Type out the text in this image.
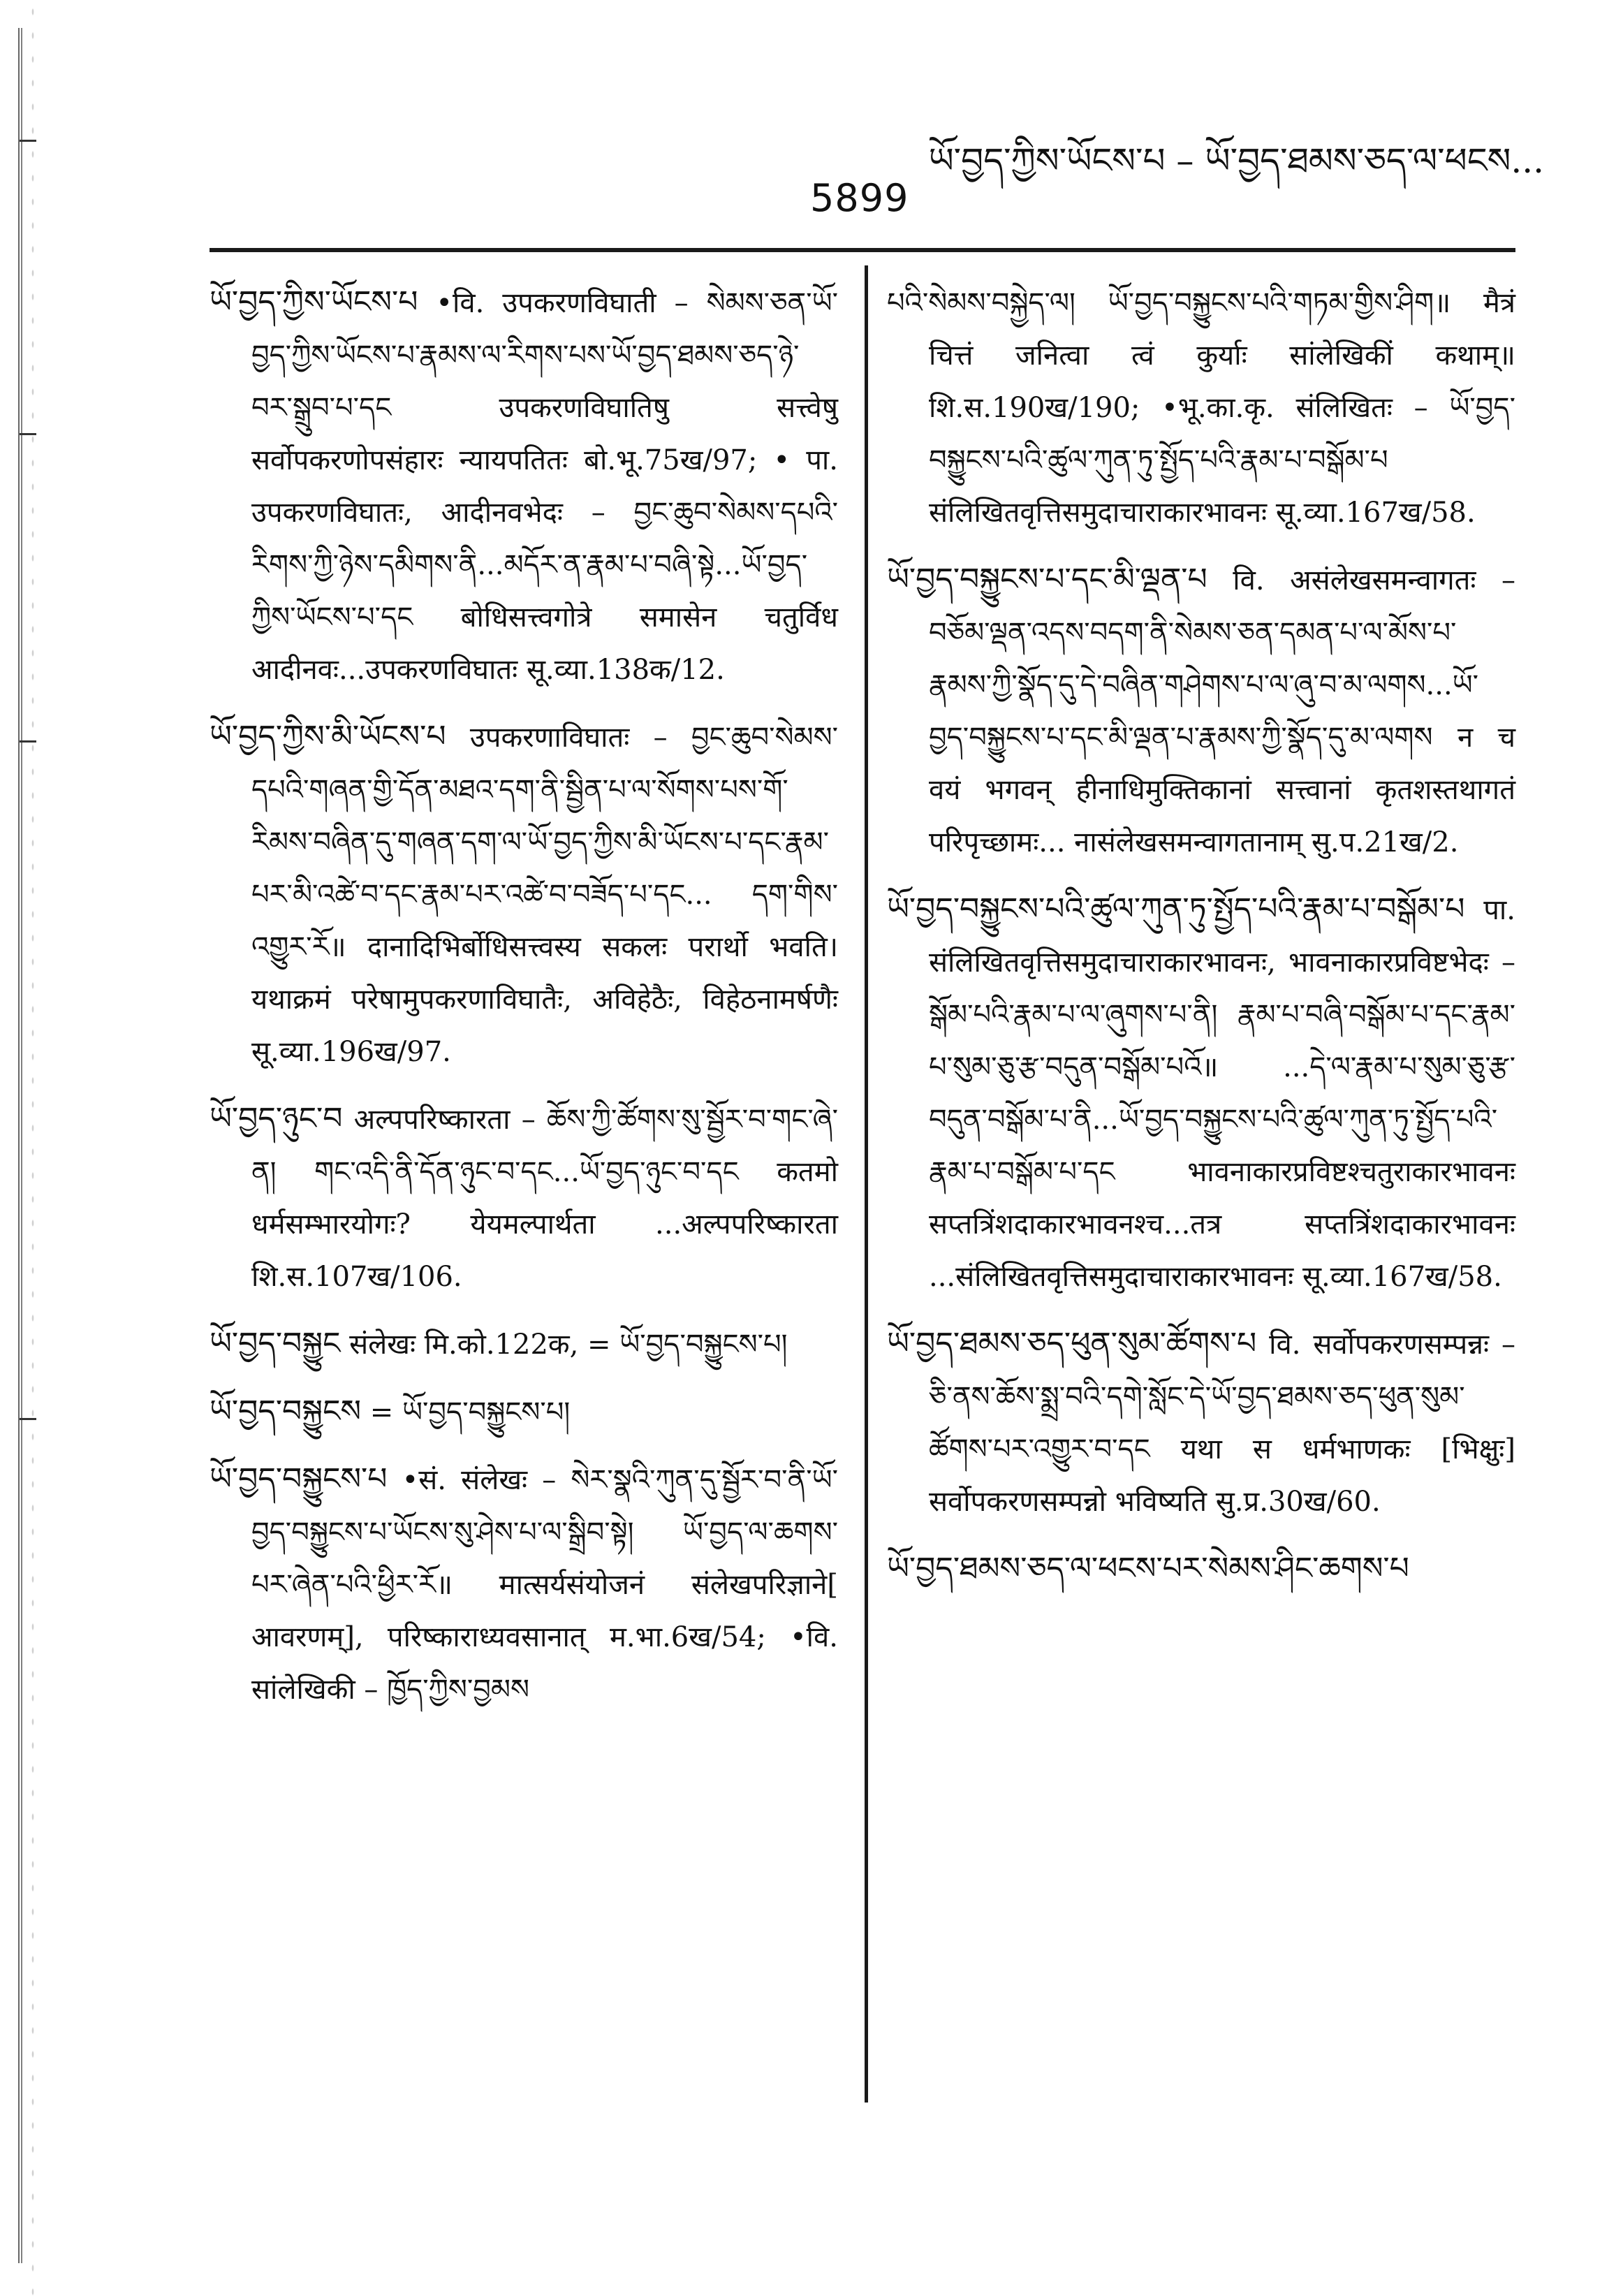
5899
ཡོ་བྱད་ཀྱིས་ཡོངས་པ – ཡོ་བྱད་ཐམས་ཅད་ལ་ཕངས...
ཡོ་བྱད་ཀྱིས་ཡོངས་པ •वि. उपकरणविघाती – སེམས་ཅན་ཡོ་བྱད་ཀྱིས་ཡོངས་པ་རྣམས་ལ་རིགས་པས་ཡོ་བྱད་ཐམས་ཅད་ཉེ་བར་སྒྲུབ་པ་དང उपकरणविघातिषु सत्त्वेषु सर्वोपकरणोपसंहारः न्यायपतितः बो.भू.75ख/97; • पा. उपकरणविघातः, आदीनवभेदः – བྱང་ཆུབ་སེམས་དཔའི་རིགས་ཀྱི་ཉེས་དམིགས་ནི...མདོར་ན་རྣམ་པ་བཞི་སྟེ...ཡོ་བྱད་ཀྱིས་ཡོངས་པ་དང बोधिसत्त्वगोत्रे समासेन चतुर्विध आदीनवः...उपकरणविघातः सू.व्या.138क/12.
ཡོ་བྱད་ཀྱིས་མི་ཡོངས་པ उपकरणाविघातः – བྱང་ཆུབ་སེམས་དཔའི་གཞན་གྱི་དོན་མཐའ་དག་ནི་སྦྱིན་པ་ལ་སོགས་པས་གོ་རིམས་བཞིན་དུ་གཞན་དག་ལ་ཡོ་བྱད་ཀྱིས་མི་ཡོངས་པ་དང་རྣམ་པར་མི་འཚེ་བ་དང་རྣམ་པར་འཚེ་བ་བཟོད་པ་དང... དག་གིས་འགྱུར་རོ॥ दानादिभिर्बोधिसत्त्वस्य सकलः परार्थो भवति। यथाक्रमं परेषामुपकरणाविघातैः, अविहेठैः, विहेठनामर्षणैः सू.व्या.196ख/97.
ཡོ་བྱད་ཉུང་བ अल्पपरिष्कारता – ཆོས་ཀྱི་ཚོགས་སུ་སྦྱོར་བ་གང་ཞེ་ན། གང་འདི་ནི་དོན་ཉུང་བ་དང...ཡོ་བྱད་ཉུང་བ་དང कतमो धर्मसम्भारयोगः? येयमल्पार्थता ...अल्पपरिष्कारता शि.स.107ख/106.
ཡོ་བྱད་བསྐྱུང संलेखः मि.को.122क, = ཡོ་བྱད་བསྐྱུངས་པ།
ཡོ་བྱད་བསྐྱུངས = ཡོ་བྱད་བསྐྱུངས་པ།
ཡོ་བྱད་བསྐྱུངས་པ •सं. संलेखः – སེར་སྣའི་ཀུན་དུ་སྦྱོར་བ་ནི་ཡོ་བྱད་བསྐྱུངས་པ་ཡོངས་སུ་ཤེས་པ་ལ་སྒྲིབ་སྟེ། ཡོ་བྱད་ལ་ཆགས་པར་ཞེན་པའི་ཕྱིར་རོ॥ मात्सर्यसंयोजनं संलेखपरिज्ञाने[ आवरणम्], परिष्काराध्यवसानात् म.भा.6ख/54; •वि. सांलेखिकी – ཁྱོད་ཀྱིས་བྱམས
པའི་སེམས་བསྐྱེད་ལ། ཡོ་བྱད་བསྐྱུངས་པའི་གཏམ་གྱིས་ཤིག॥ मैत्रं चित्तं जनित्वा त्वं कुर्याः सांलेखिकीं कथाम्॥ शि.स.190ख/190; •भू.का.कृ. संलिखितः – ཡོ་བྱད་བསྐྱུངས་པའི་ཚུལ་ཀུན་ཏུ་སྤྱོད་པའི་རྣམ་པ་བསྒོམ་པ संलिखितवृत्तिसमुदाचाराकारभावनः सू.व्या.167ख/58.
ཡོ་བྱད་བསྐྱུངས་པ་དང་མི་ལྡན་པ वि. असंलेखसमन्वागतः – བཅོམ་ལྡན་འདས་བདག་ནི་སེམས་ཅན་དམན་པ་ལ་མོས་པ་རྣམས་ཀྱི་སྣོད་དུ་དེ་བཞིན་གཤེགས་པ་ལ་ཞུ་བ་མ་ལགས...ཡོ་བྱད་བསྐྱུངས་པ་དང་མི་ལྡན་པ་རྣམས་ཀྱི་སྣོད་དུ་མ་ལགས न च वयं भगवन् हीनाधिमुक्तिकानां सत्त्वानां कृतशस्तथागतं परिपृच्छामः... नासंलेखसमन्वागतानाम् सु.प.21ख/2.
ཡོ་བྱད་བསྐྱུངས་པའི་ཚུལ་ཀུན་ཏུ་སྤྱོད་པའི་རྣམ་པ་བསྒོམ་པ पा. संलिखितवृत्तिसमुदाचाराकारभावनः, भावनाकारप्रविष्टभेदः – སྒོམ་པའི་རྣམ་པ་ལ་ཞུགས་པ་ནི། རྣམ་པ་བཞི་བསྒོམ་པ་དང་རྣམ་པ་སུམ་ཅུ་རྩ་བདུན་བསྒོམ་པའོ॥ ...དེ་ལ་རྣམ་པ་སུམ་ཅུ་རྩ་བདུན་བསྒོམ་པ་ནི...ཡོ་བྱད་བསྐྱུངས་པའི་ཚུལ་ཀུན་ཏུ་སྤྱོད་པའི་རྣམ་པ་བསྒོམ་པ་དང भावनाकारप्रविष्टश्चतुराकारभावनः सप्तत्रिंशदाकारभावनश्च...तत्र सप्तत्रिंशदाकारभावनः ...संलिखितवृत्तिसमुदाचाराकारभावनः सू.व्या.167ख/58.
ཡོ་བྱད་ཐམས་ཅད་ཕུན་སུམ་ཚོགས་པ वि. सर्वोपकरणसम्पन्नः – ཅི་ནས་ཆོས་སྨྲ་བའི་དགེ་སློང་དེ་ཡོ་བྱད་ཐམས་ཅད་ཕུན་སུམ་ཚོགས་པར་འགྱུར་བ་དང यथा स धर्मभाणकः [भिक्षुः] सर्वोपकरणसम्पन्नो भविष्यति सु.प्र.30ख/60.
ཡོ་བྱད་ཐམས་ཅད་ལ་ཕངས་པར་སེམས་ཤིང་ཆགས་པ
